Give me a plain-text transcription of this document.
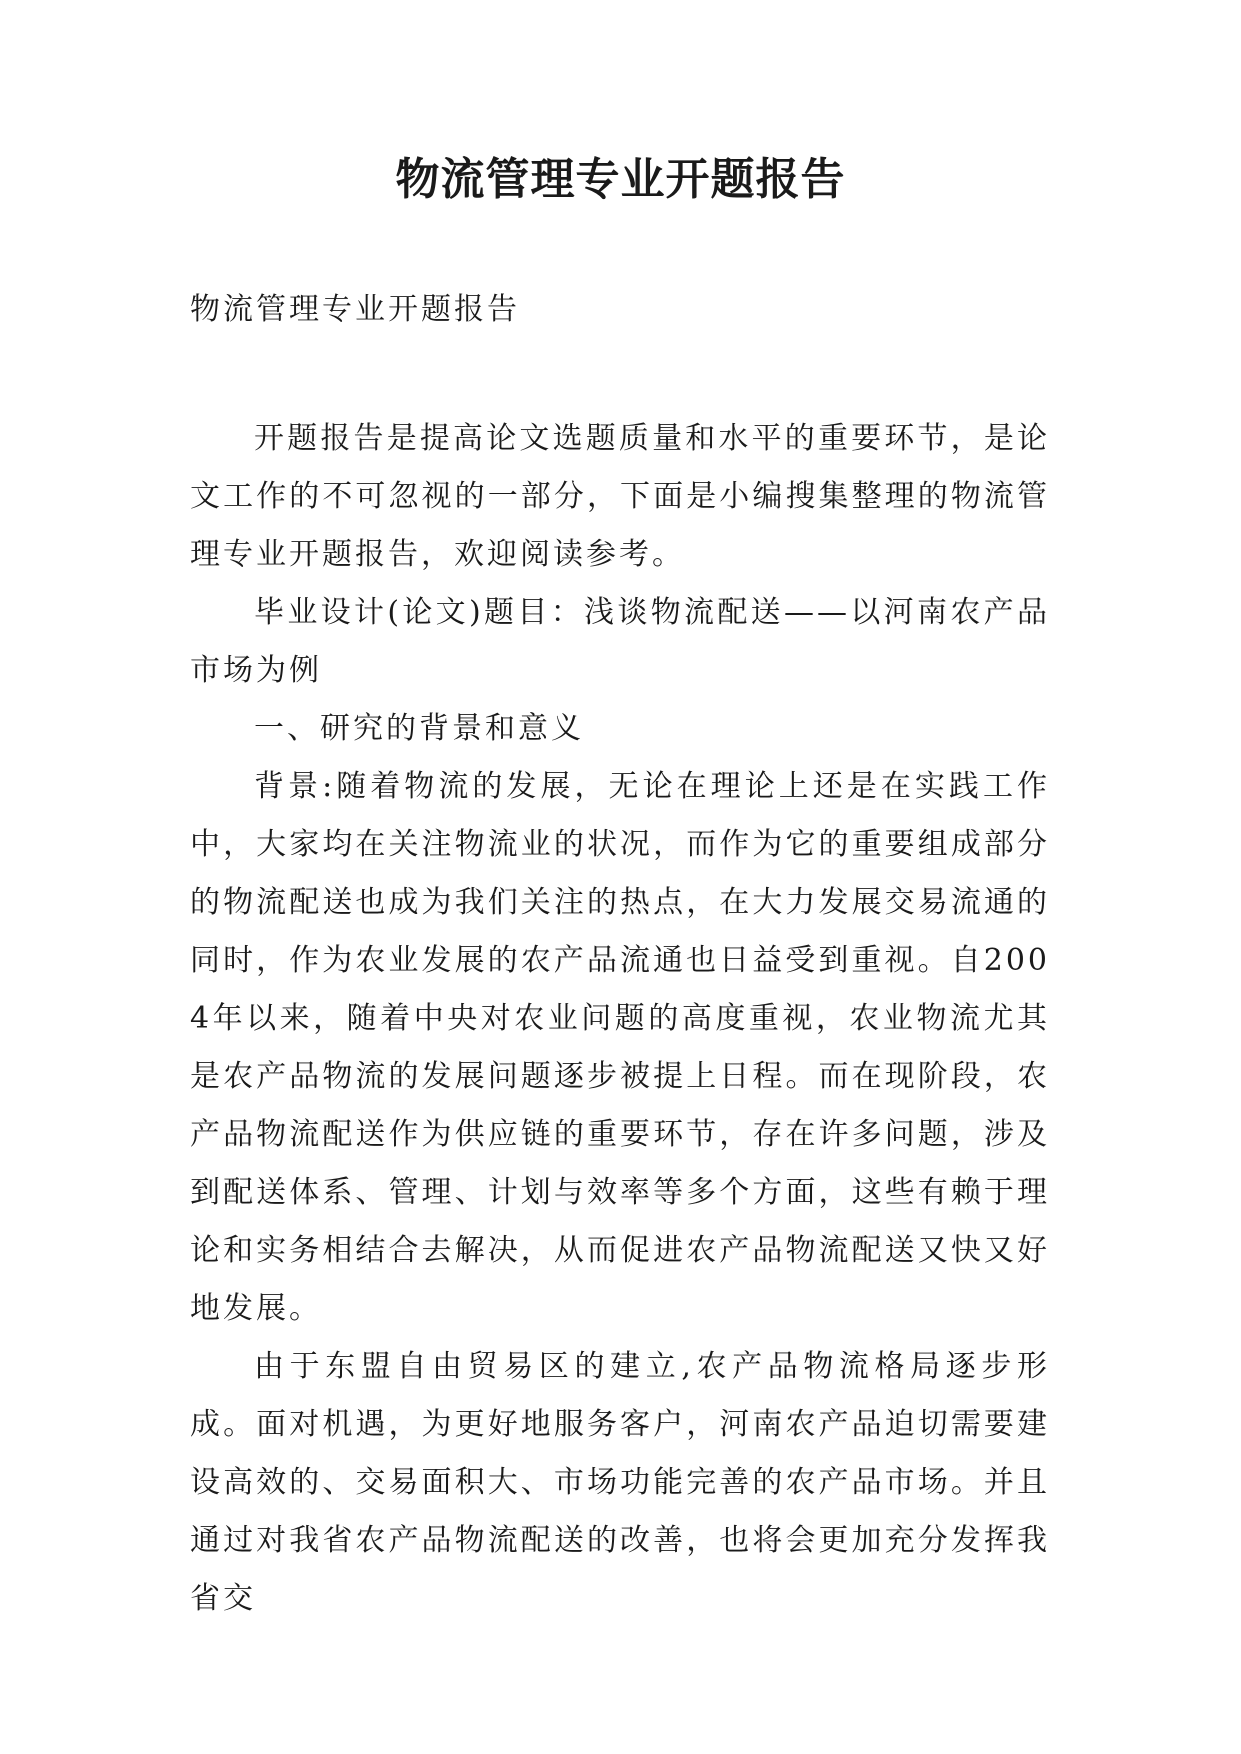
物流管理专业开题报告
物流管理专业开题报告

开题报告是提高论文选题质量和水平的重要环节，是论文工作的不可忽视的一部分，下面是小编搜集整理的物流管理专业开题报告，欢迎阅读参考。

毕业设计(论文)题目：浅谈物流配送——以河南农产品市场为例

一、研究的背景和意义

背景:随着物流的发展，无论在理论上还是在实践工作中，大家均在关注物流业的状况，而作为它的重要组成部分的物流配送也成为我们关注的热点，在大力发展交易流通的同时，作为农业发展的农产品流通也日益受到重视。自2004年以来，随着中央对农业问题的高度重视，农业物流尤其是农产品物流的发展问题逐步被提上日程。而在现阶段，农产品物流配送作为供应链的重要环节，存在许多问题，涉及到配送体系、管理、计划与效率等多个方面，这些有赖于理论和实务相结合去解决，从而促进农产品物流配送又快又好地发展。

由于东盟自由贸易区的建立,农产品物流格局逐步形成。面对机遇，为更好地服务客户，河南农产品迫切需要建设高效的、交易面积大、市场功能完善的农产品市场。并且通过对我省农产品物流配送的改善，也将会更加充分发挥我省交
